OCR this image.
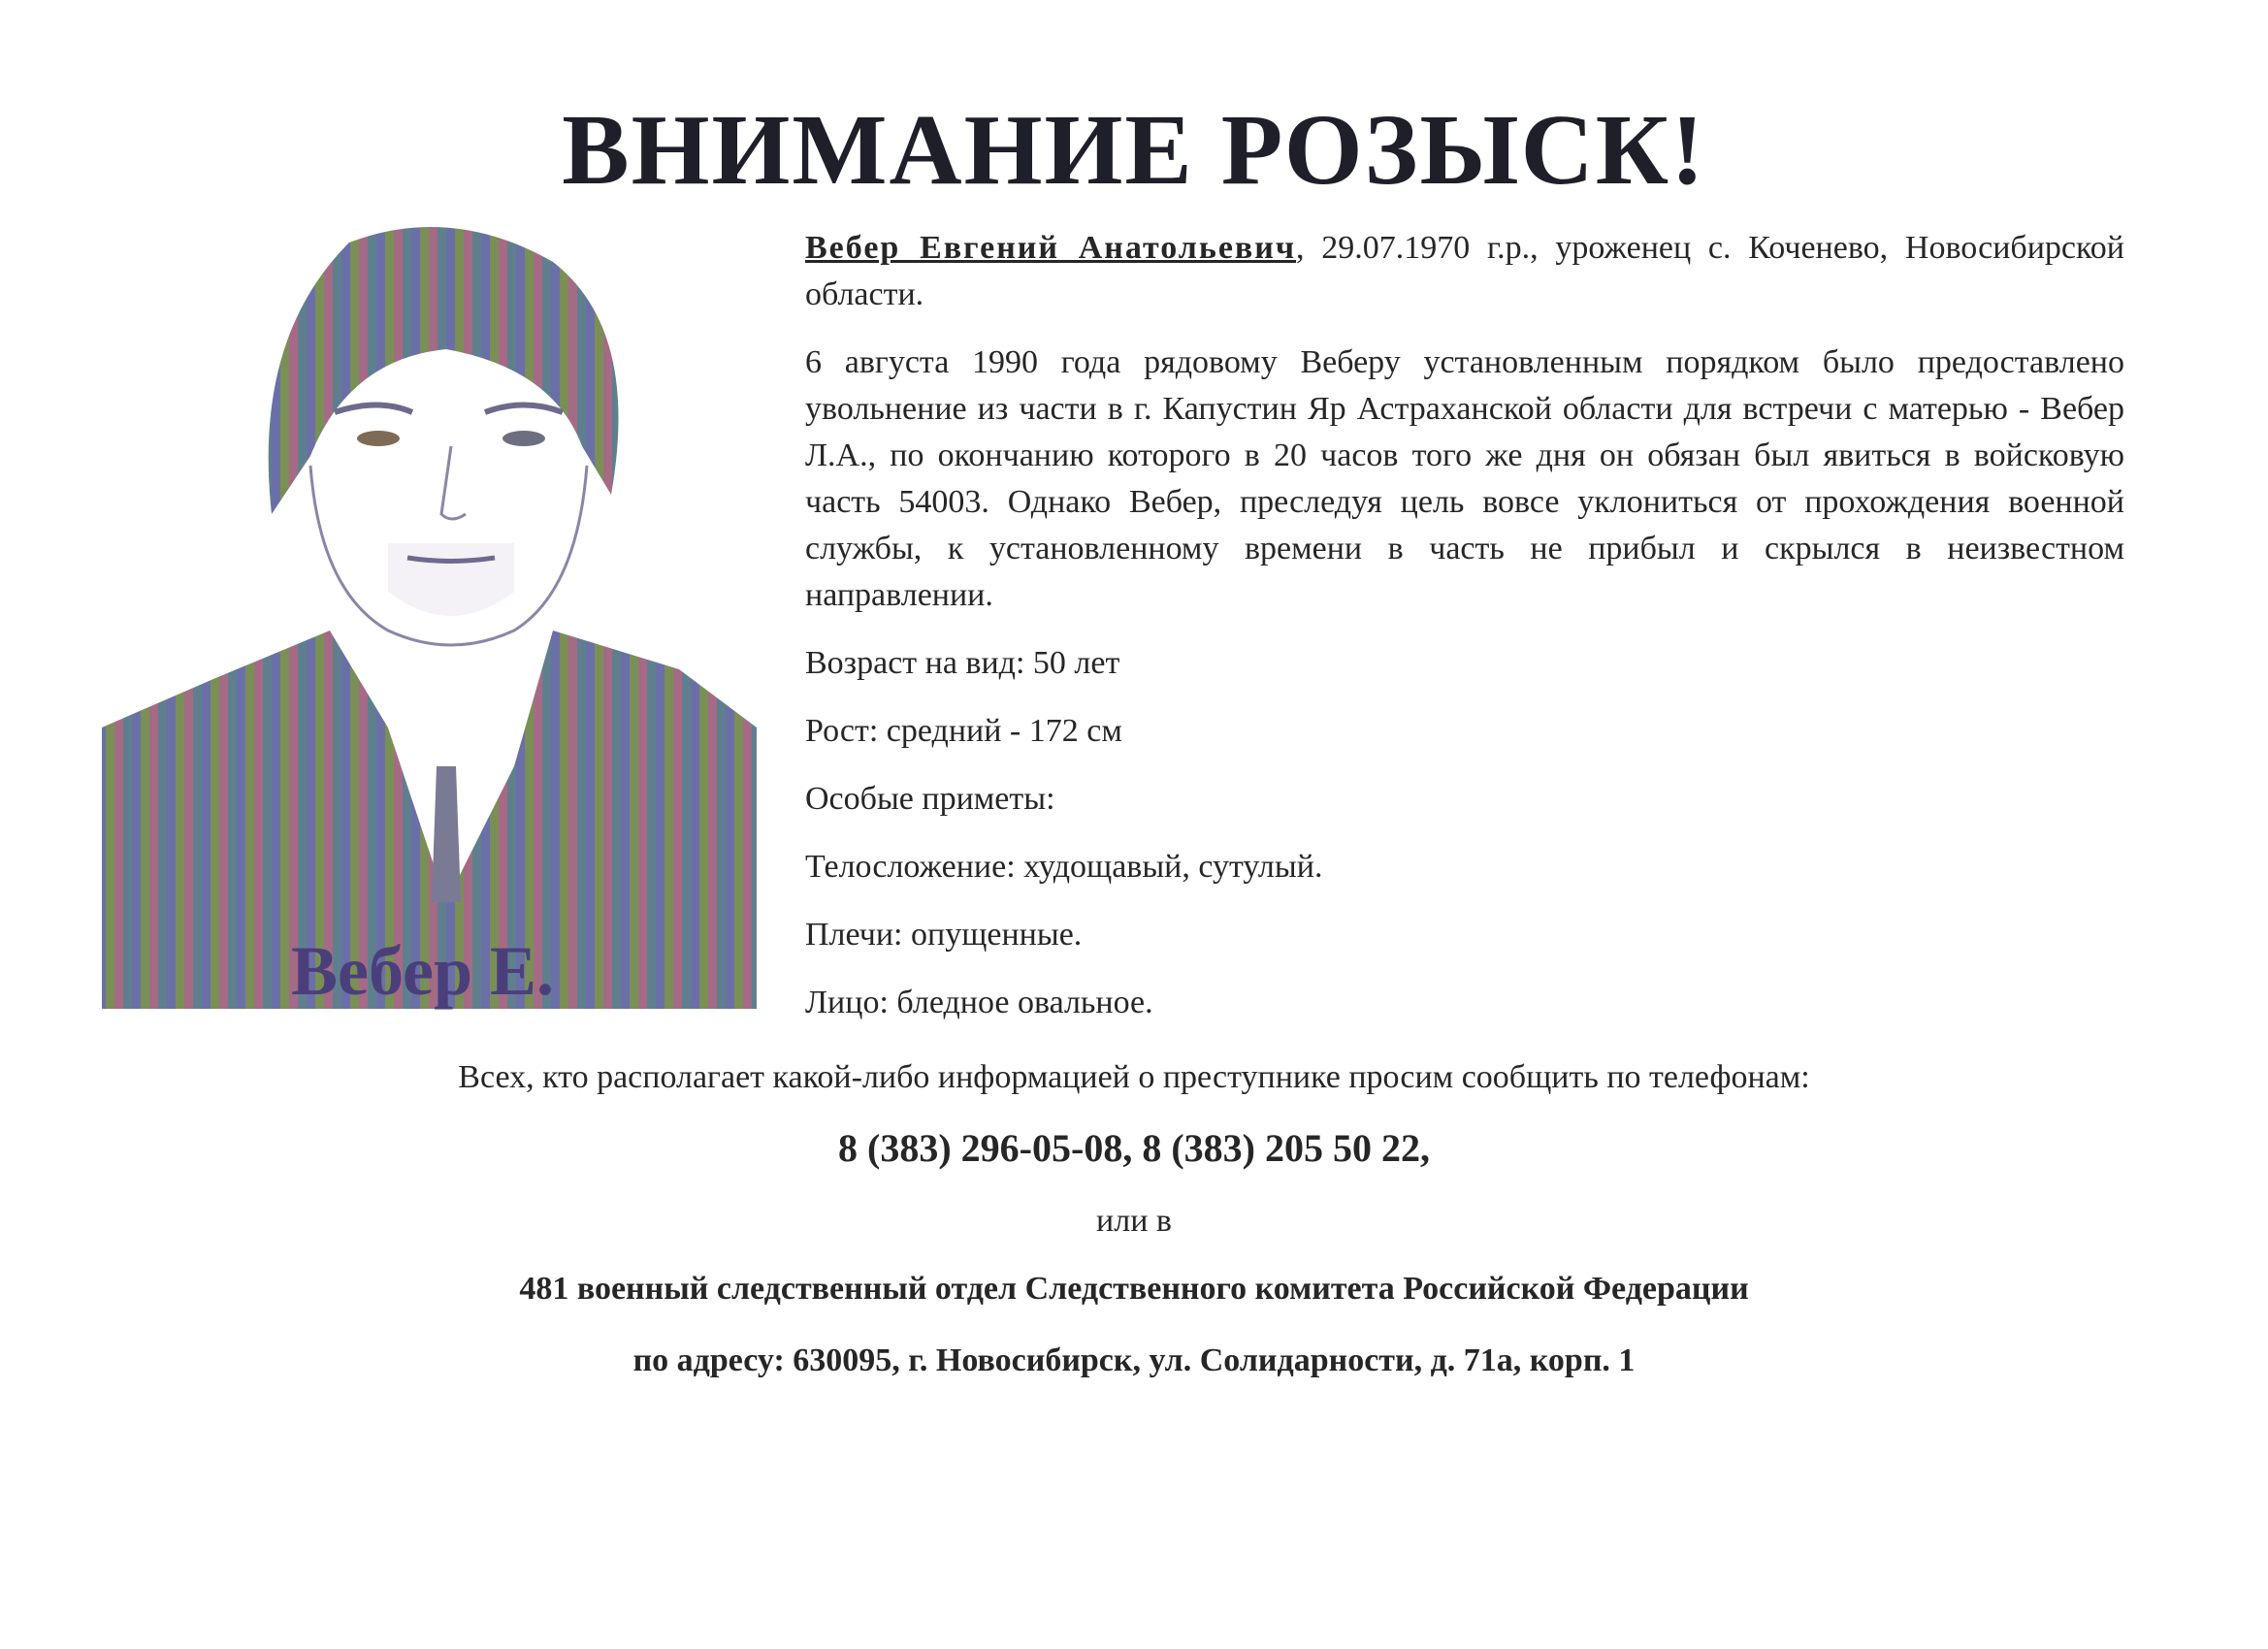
ВНИМАНИЕ РОЗЫСК!

Вебер Е.

Вебер Евгений Анатольевич, 29.07.1970 г.р., уроженец с. Коченево, Новосибирской области.

6 августа 1990 года рядовому Веберу установленным порядком было предоставлено увольнение из части в г. Капустин Яр Астраханской области для встречи с матерью - Вебер Л.А., по окончанию которого в 20 часов того же дня он обязан был явиться в войсковую часть 54003. Однако Вебер, преследуя цель вовсе уклониться от прохождения военной службы, к установленному времени в часть не прибыл и скрылся в неизвестном направлении.

Возраст на вид: 50 лет

Рост: средний - 172 см

Особые приметы:

Телосложение: худощавый, сутулый.

Плечи: опущенные.

Лицо: бледное овальное.

Всех, кто располагает какой-либо информацией о преступнике просим сообщить по телефонам:

8 (383) 296-05-08, 8 (383) 205 50 22,

или в

481 военный следственный отдел Следственного комитета Российской Федерации

по адресу: 630095, г. Новосибирск, ул. Солидарности, д. 71а, корп. 1
